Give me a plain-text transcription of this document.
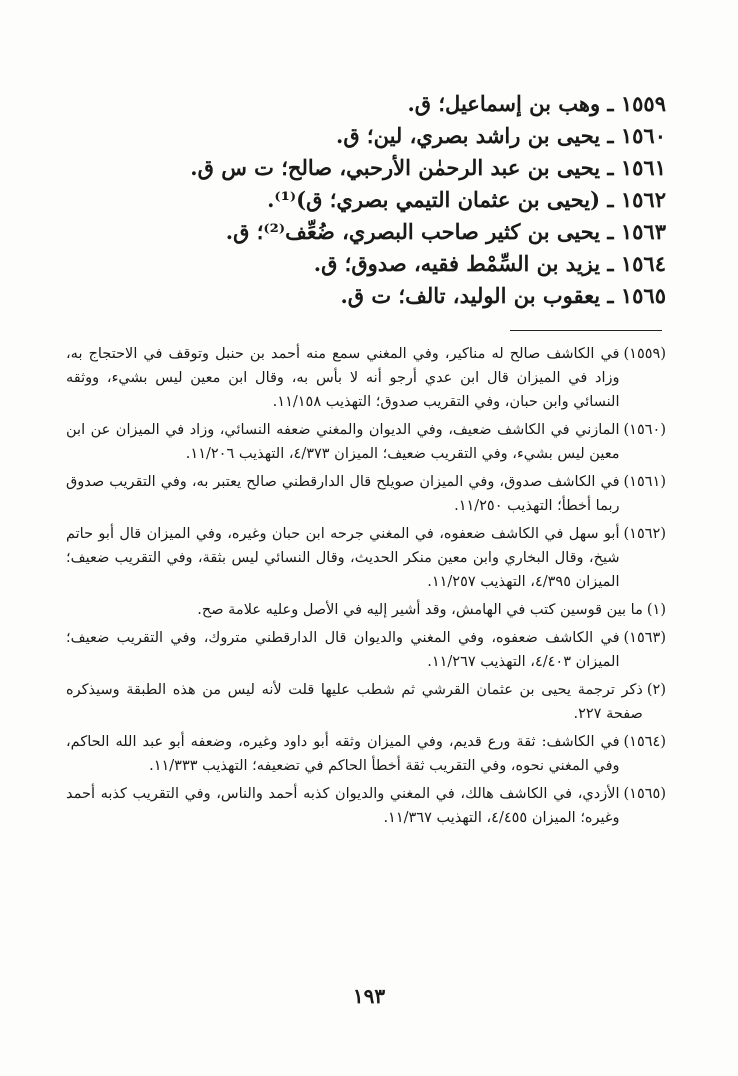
١٥٥٩ ـ وهب بن إسماعيل؛ ق.
١٥٦٠ ـ يحيى بن راشد بصري، لين؛ ق.
١٥٦١ ـ يحيى بن عبد الرحمٰن الأرحبي، صالح؛ ت س ق.
١٥٦٢ ـ (يحيى بن عثمان التيمي بصري؛ ق)⁽¹⁾.
١٥٦٣ ـ يحيى بن كثير صاحب البصري، ضُعِّف⁽²⁾؛ ق.
١٥٦٤ ـ يزيد بن السِّمْط فقيه، صدوق؛ ق.
١٥٦٥ ـ يعقوب بن الوليد، تالف؛ ت ق.
(١٥٥٩)
في الكاشف صالح له مناكير، وفي المغني سمع منه أحمد بن حنبل وتوقف في الاحتجاج به، وزاد في الميزان قال ابن عدي أرجو أنه لا بأس به، وقال ابن معين ليس بشيء، ووثقه النسائي وابن حبان، وفي التقريب صدوق؛ التهذيب ١١/١٥٨.
(١٥٦٠)
المازني في الكاشف ضعيف، وفي الديوان والمغني ضعفه النسائي، وزاد في الميزان عن ابن معين ليس بشيء، وفي التقريب ضعيف؛ الميزان ٤/٣٧٣، التهذيب ١١/٢٠٦.
(١٥٦١)
في الكاشف صدوق، وفي الميزان صويلح قال الدارقطني صالح يعتبر به، وفي التقريب صدوق ربما أخطأ؛ التهذيب ١١/٢٥٠.
(١٥٦٢)
أبو سهل في الكاشف ضعفوه، في المغني جرحه ابن حبان وغيره، وفي الميزان قال أبو حاتم شيخ، وقال البخاري وابن معين منكر الحديث، وقال النسائي ليس بثقة، وفي التقريب ضعيف؛ الميزان ٤/٣٩٥، التهذيب ١١/٢٥٧.
(١)
ما بين قوسين كتب في الهامش، وقد أشير إليه في الأصل وعليه علامة صح.
(١٥٦٣)
في الكاشف ضعفوه، وفي المغني والديوان قال الدارقطني متروك، وفي التقريب ضعيف؛ الميزان ٤/٤٠٣، التهذيب ١١/٢٦٧.
(٢)
ذكر ترجمة يحيى بن عثمان القرشي ثم شطب عليها قلت لأنه ليس من هذه الطبقة وسيذكره صفحة ٢٢٧.
(١٥٦٤)
في الكاشف: ثقة ورع قديم، وفي الميزان وثقه أبو داود وغيره، وضعفه أبو عبد الله الحاكم، وفي المغني نحوه، وفي التقريب ثقة أخطأ الحاكم في تضعيفه؛ التهذيب ١١/٣٣٣.
(١٥٦٥)
الأزدي، في الكاشف هالك، في المغني والديوان كذبه أحمد والناس، وفي التقريب كذبه أحمد وغيره؛ الميزان ٤/٤٥٥، التهذيب ١١/٣٦٧.
١٩٣
